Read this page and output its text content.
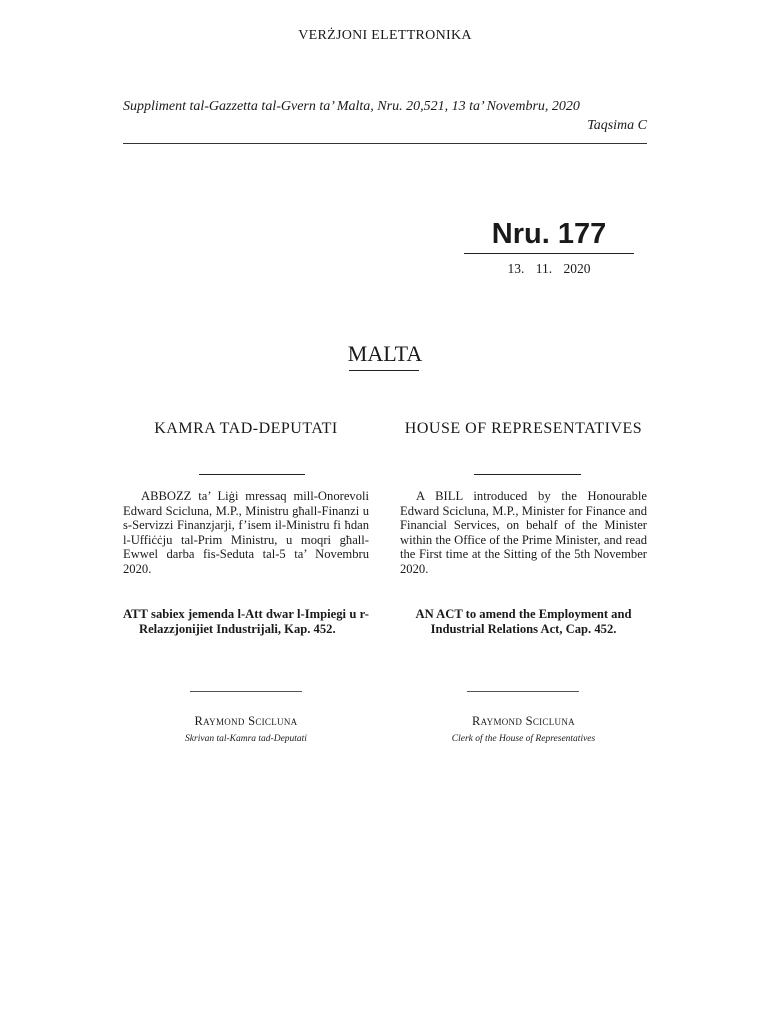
VERŻJONI ELETTRONIKA
Suppliment tal-Gazzetta tal-Gvern ta’ Malta, Nru. 20,521, 13 ta’ Novembru, 2020
Taqsima C
Nru. 177
13. 11. 2020
MALTA
KAMRA TAD-DEPUTATI	HOUSE OF REPRESENTATIVES
ABBOZZ ta’ Liġi mressaq mill-Onorevoli Edward Scicluna, M.P., Ministru għall-Finanzi u s-Servizzi Finanzjarji, f’isem il-Ministru fi ħdan l-Uffiċċju tal-Prim Ministru, u moqri għall-Ewwel darba fis-Seduta tal-5 ta’ Novembru 2020.
A BILL introduced by the Honourable Edward Scicluna, M.P., Minister for Finance and Financial Services, on behalf of the Minister within the Office of the Prime Minister, and read the First time at the Sitting of the 5th November 2020.
ATT sabiex jemenda l-Att dwar l-Impiegi u r-Relazzjonijiet Industrijali, Kap. 452.
AN ACT to amend the Employment and Industrial Relations Act, Cap. 452.
Raymond Scicluna	Raymond Scicluna
Skrivan tal-Kamra tad-Deputati	Clerk of the House of Representatives
